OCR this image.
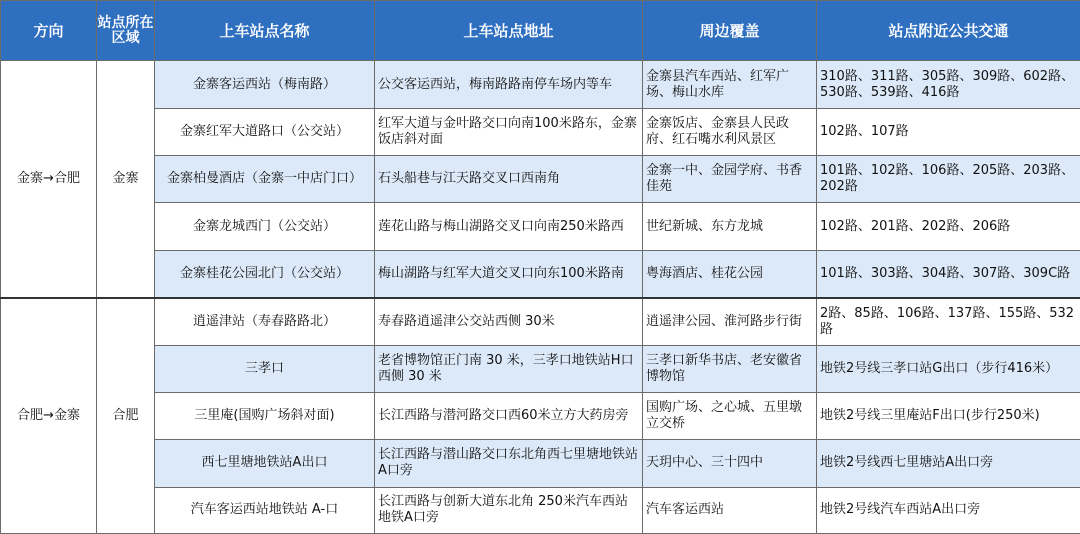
方向	站点所在区域	上车站点名称	上车站点地址	周边覆盖	站点附近公共交通
金寨→合肥	金寨	金寨客运西站（梅南路）	公交客运西站，梅南路路南停车场内等车	金寨县汽车西站、红军广场、梅山水库	310路、311路、305路、309路、602路、530路、539路、416路
		金寨红军大道路口（公交站）	红军大道与金叶路交口向南100米路东，金寨饭店斜对面	金寨饭店、金寨县人民政府、红石嘴水利风景区	102路、107路
		金寨柏曼酒店（金寨一中店门口）	石头船巷与江天路交叉口西南角	金寨一中、金园学府、书香佳苑	101路、102路、106路、205路、203路、202路
		金寨龙城西门（公交站）	莲花山路与梅山湖路交叉口向南250米路西	世纪新城、东方龙城	102路、201路、202路、206路
		金寨桂花公园北门（公交站）	梅山湖路与红军大道交叉口向东100米路南	粤海酒店、桂花公园	101路、303路、304路、307路、309C路
合肥→金寨	合肥	逍遥津站（寿春路路北）	寿春路逍遥津公交站西侧 30米	逍遥津公园、淮河路步行街	2路、85路、106路、137路、155路、532路
		三孝口	老省博物馆正门南 30 米，三孝口地铁站H口西侧 30 米	三孝口新华书店、老安徽省博物馆	地铁2号线三孝口站G出口（步行416米）
		三里庵(国购广场斜对面)	长江西路与潜河路交口西60米立方大药房旁	国购广场、之心城、五里墩立交桥	地铁2号线三里庵站F出口(步行250米)
		西七里塘地铁站A出口	长江西路与潜山路交口东北角西七里塘地铁站A口旁	天玥中心、三十四中	地铁2号线西七里塘站A出口旁
		汽车客运西站地铁站 A-口	长江西路与创新大道东北角 250米汽车西站地铁A口旁	汽车客运西站	地铁2号线汽车西站A出口旁
